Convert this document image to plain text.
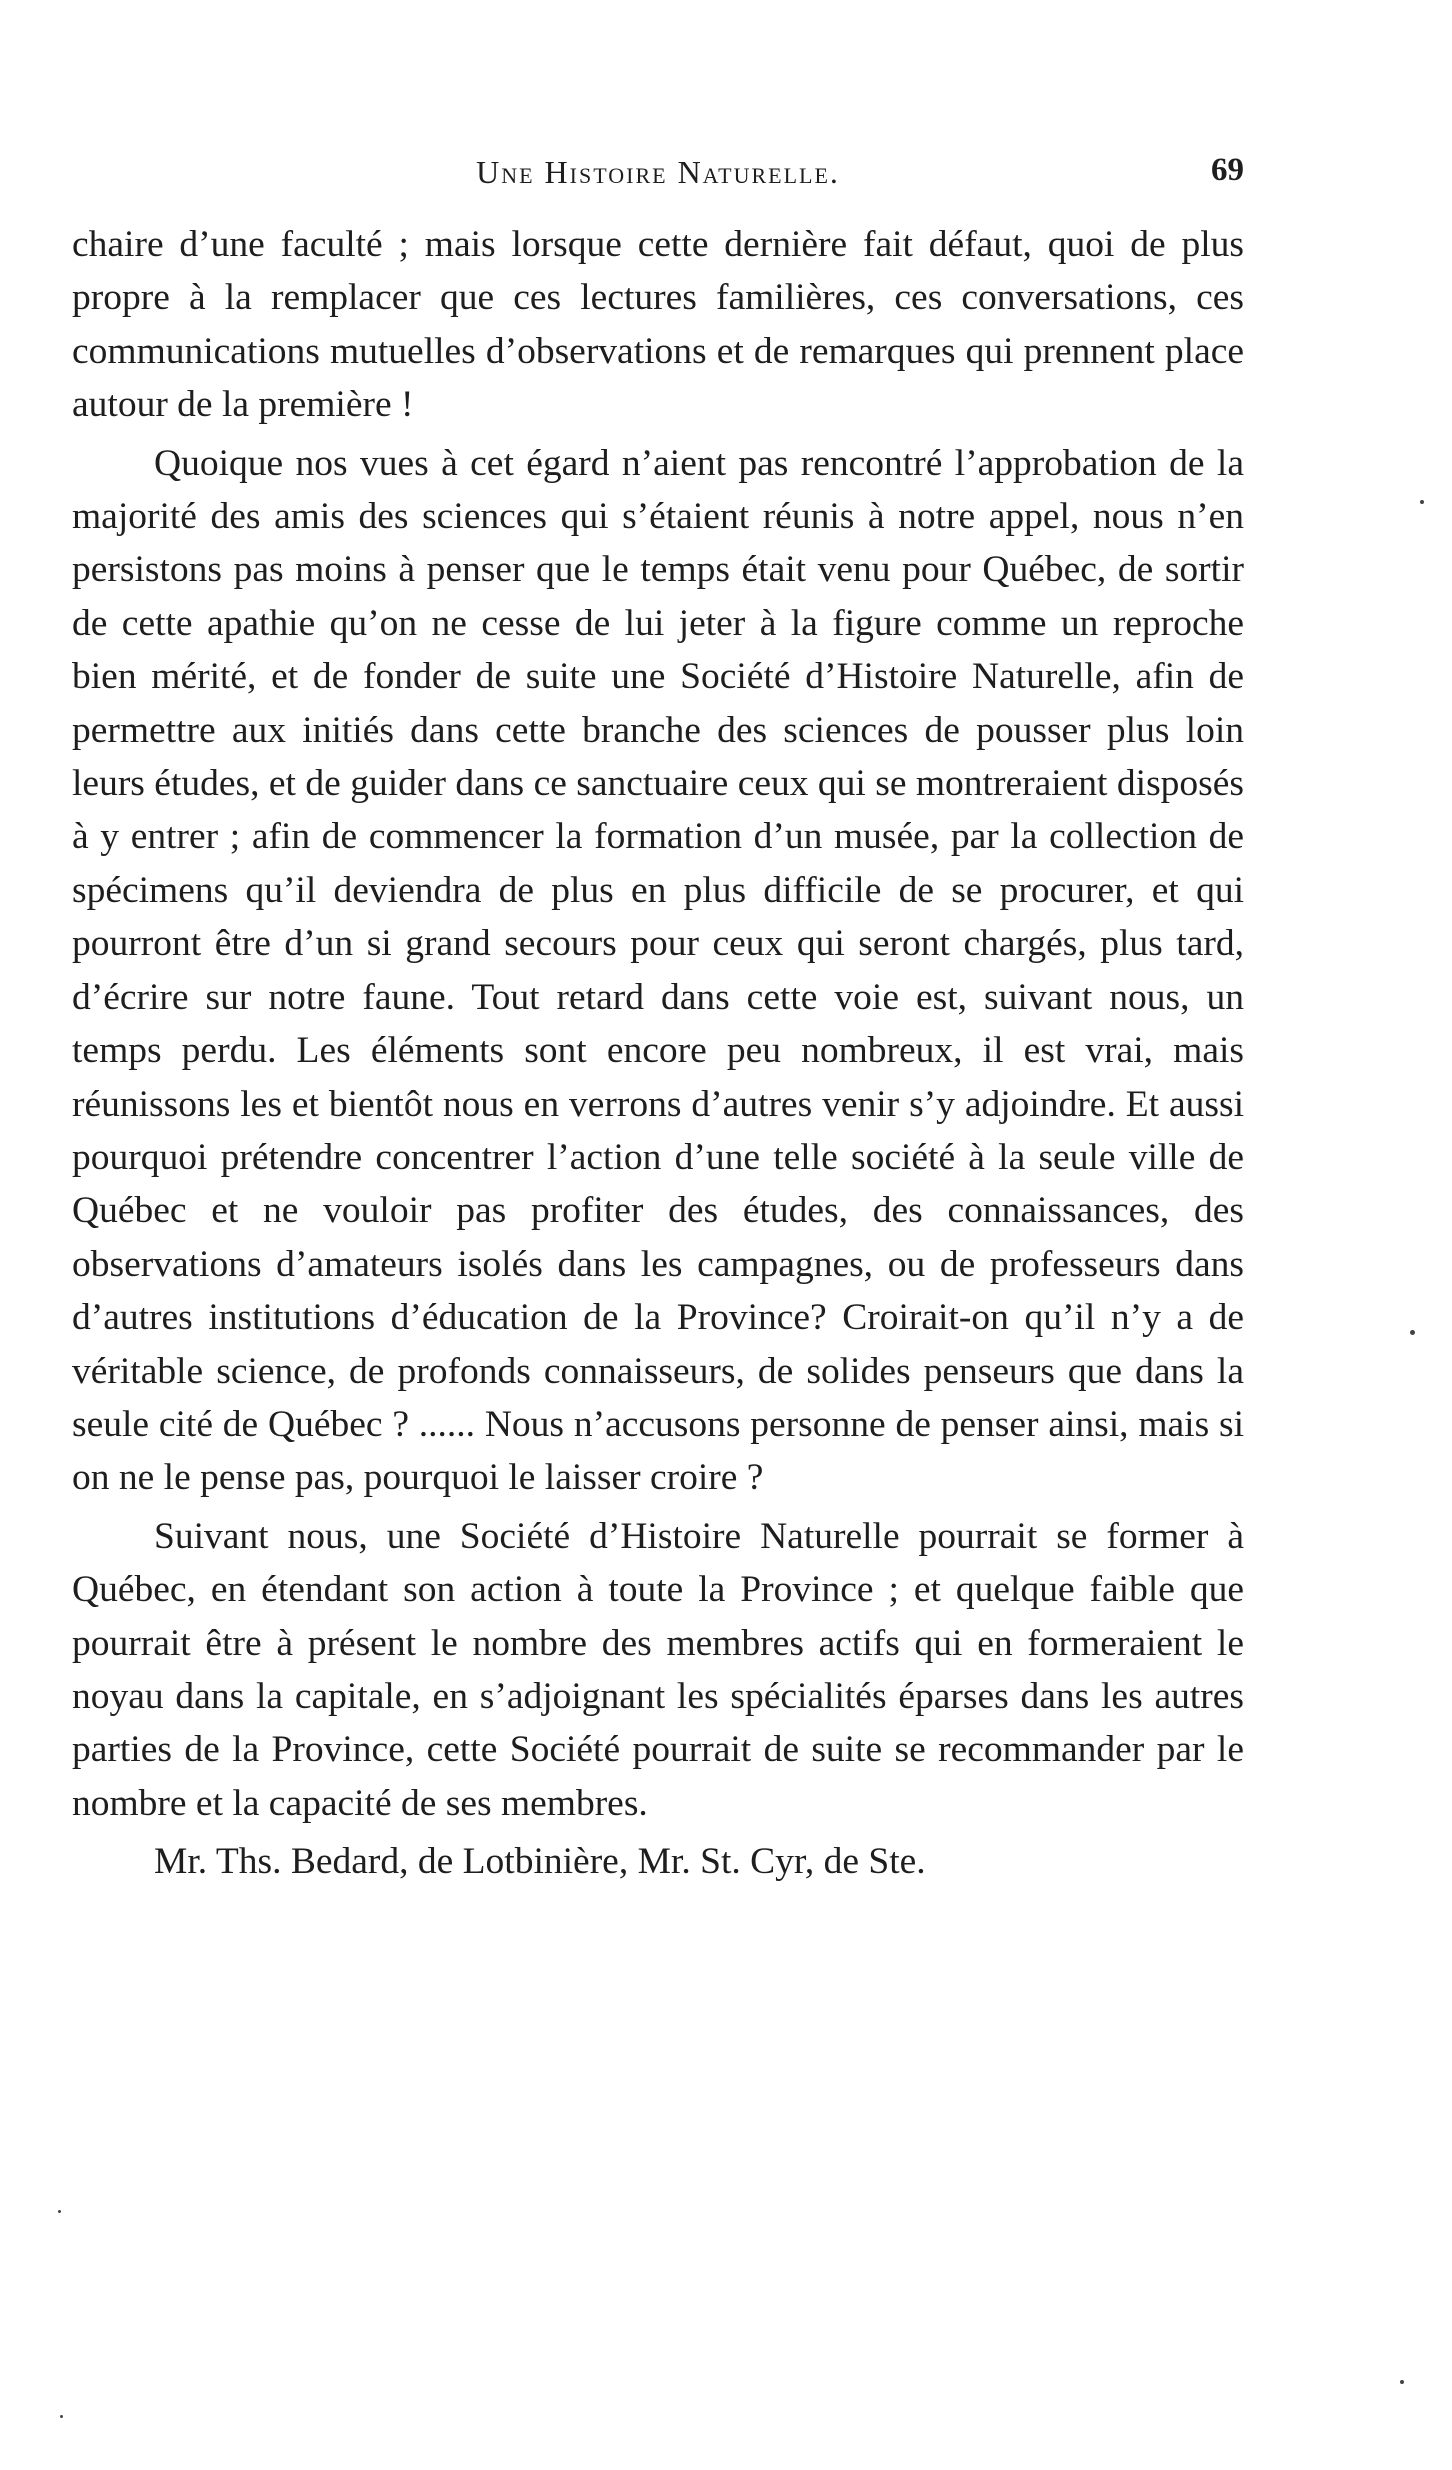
Une Histoire Naturelle.	69

chaire d’une faculté ; mais lorsque cette dernière fait défaut, quoi de plus propre à la remplacer que ces lectures familières, ces conversations, ces communications mutuelles d’observations et de remarques qui prennent place autour de la première !

Quoique nos vues à cet égard n’aient pas rencontré l’approbation de la majorité des amis des sciences qui s’étaient réunis à notre appel, nous n’en persistons pas moins à penser que le temps était venu pour Québec, de sortir de cette apathie qu’on ne cesse de lui jeter à la figure comme un reproche bien mérité, et de fonder de suite une Société d’Histoire Naturelle, afin de permettre aux initiés dans cette branche des sciences de pousser plus loin leurs études, et de guider dans ce sanctuaire ceux qui se montreraient disposés à y entrer ; afin de commencer la formation d’un musée, par la collection de spécimens qu’il deviendra de plus en plus difficile de se procurer, et qui pourront être d’un si grand secours pour ceux qui seront chargés, plus tard, d’écrire sur notre faune. Tout retard dans cette voie est, suivant nous, un temps perdu. Les éléments sont encore peu nombreux, il est vrai, mais réunissons les et bientôt nous en verrons d’autres venir s’y adjoindre. Et aussi pourquoi prétendre concentrer l’action d’une telle société à la seule ville de Québec et ne vouloir pas profiter des études, des connaissances, des observations d’amateurs isolés dans les campagnes, ou de professeurs dans d’autres institutions d’éducation de la Province? Croirait-on qu’il n’y a de véritable science, de profonds connaisseurs, de solides penseurs que dans la seule cité de Québec ? ...... Nous n’accusons personne de penser ainsi, mais si on ne le pense pas, pourquoi le laisser croire ?

Suivant nous, une Société d’Histoire Naturelle pourrait se former à Québec, en étendant son action à toute la Province ; et quelque faible que pourrait être à présent le nombre des membres actifs qui en formeraient le noyau dans la capitale, en s’adjoignant les spécialités éparses dans les autres parties de la Province, cette Société pourrait de suite se recommander par le nombre et la capacité de ses membres.

Mr. Ths. Bedard, de Lotbinière, Mr. St. Cyr, de Ste.
